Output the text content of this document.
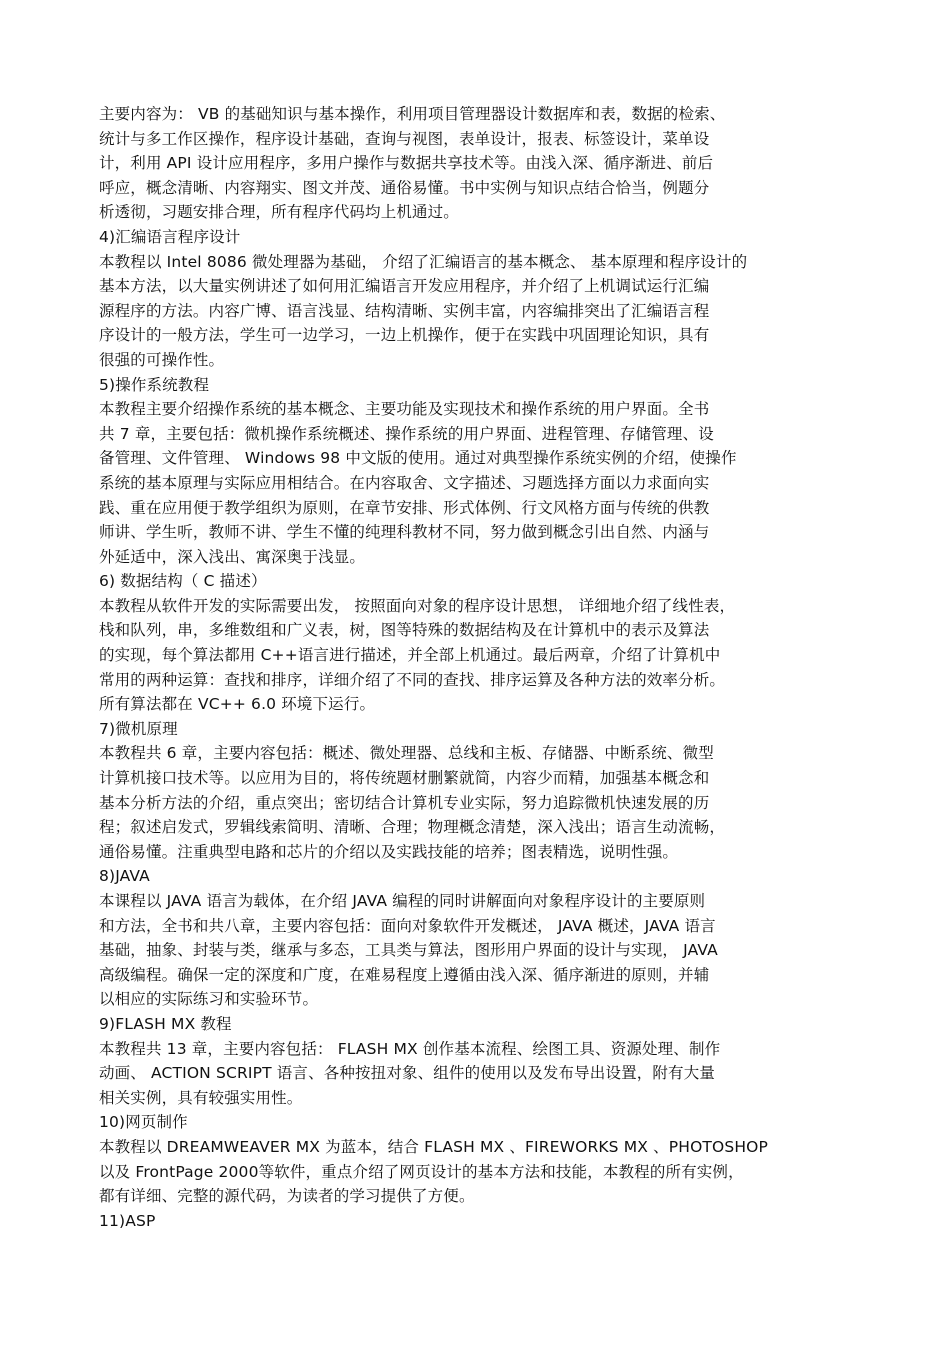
主要内容为： VB 的基础知识与基本操作，利用项目管理器设计数据库和表，数据的检索、
统计与多工作区操作，程序设计基础，查询与视图，表单设计，报表、标签设计，菜单设
计，利用 API 设计应用程序，多用户操作与数据共享技术等。由浅入深、循序渐进、前后
呼应，概念清晰、内容翔实、图文并茂、通俗易懂。书中实例与知识点结合恰当，例题分
析透彻，习题安排合理，所有程序代码均上机通过。
4)汇编语言程序设计
本教程以 Intel 8086 微处理器为基础， 介绍了汇编语言的基本概念、 基本原理和程序设计的
基本方法，以大量实例讲述了如何用汇编语言开发应用程序，并介绍了上机调试运行汇编
源程序的方法。内容广博、语言浅显、结构清晰、实例丰富，内容编排突出了汇编语言程
序设计的一般方法，学生可一边学习，一边上机操作，便于在实践中巩固理论知识，具有
很强的可操作性。
5)操作系统教程
本教程主要介绍操作系统的基本概念、主要功能及实现技术和操作系统的用户界面。全书
共 7 章，主要包括：微机操作系统概述、操作系统的用户界面、进程管理、存储管理、设
备管理、文件管理、 Windows 98 中文版的使用。通过对典型操作系统实例的介绍，使操作
系统的基本原理与实际应用相结合。在内容取舍、文字描述、习题选择方面以力求面向实
践、重在应用便于教学组织为原则，在章节安排、形式体例、行文风格方面与传统的供教
师讲、学生听，教师不讲、学生不懂的纯理科教材不同，努力做到概念引出自然、内涵与
外延适中，深入浅出、寓深奥于浅显。
6) 数据结构（ C 描述）
本教程从软件开发的实际需要出发， 按照面向对象的程序设计思想， 详细地介绍了线性表，
栈和队列，串，多维数组和广义表，树，图等特殊的数据结构及在计算机中的表示及算法
的实现，每个算法都用 C++语言进行描述，并全部上机通过。最后两章，介绍了计算机中
常用的两种运算：查找和排序，详细介绍了不同的查找、排序运算及各种方法的效率分析。
所有算法都在 VC++ 6.0 环境下运行。
7)微机原理
本教程共 6 章，主要内容包括：概述、微处理器、总线和主板、存储器、中断系统、微型
计算机接口技术等。以应用为目的，将传统题材删繁就简，内容少而精，加强基本概念和
基本分析方法的介绍，重点突出；密切结合计算机专业实际，努力追踪微机快速发展的历
程；叙述启发式，罗辑线索简明、清晰、合理；物理概念清楚，深入浅出；语言生动流畅，
通俗易懂。注重典型电路和芯片的介绍以及实践技能的培养；图表精选，说明性强。
8)JAVA
本课程以 JAVA 语言为载体，在介绍 JAVA 编程的同时讲解面向对象程序设计的主要原则
和方法，全书和共八章，主要内容包括：面向对象软件开发概述， JAVA 概述，JAVA 语言
基础，抽象、封装与类，继承与多态，工具类与算法，图形用户界面的设计与实现， JAVA
高级编程。确保一定的深度和广度，在难易程度上遵循由浅入深、循序渐进的原则，并辅
以相应的实际练习和实验环节。
9)FLASH MX 教程
本教程共 13 章，主要内容包括： FLASH MX 创作基本流程、绘图工具、资源处理、制作
动画、 ACTION SCRIPT 语言、各种按扭对象、组件的使用以及发布导出设置，附有大量
相关实例，具有较强实用性。
10)网页制作
本教程以 DREAMWEAVER MX 为蓝本，结合 FLASH MX 、FIREWORKS MX 、PHOTOSHOP
以及 FrontPage 2000等软件，重点介绍了网页设计的基本方法和技能，本教程的所有实例，
都有详细、完整的源代码，为读者的学习提供了方便。
11)ASP
